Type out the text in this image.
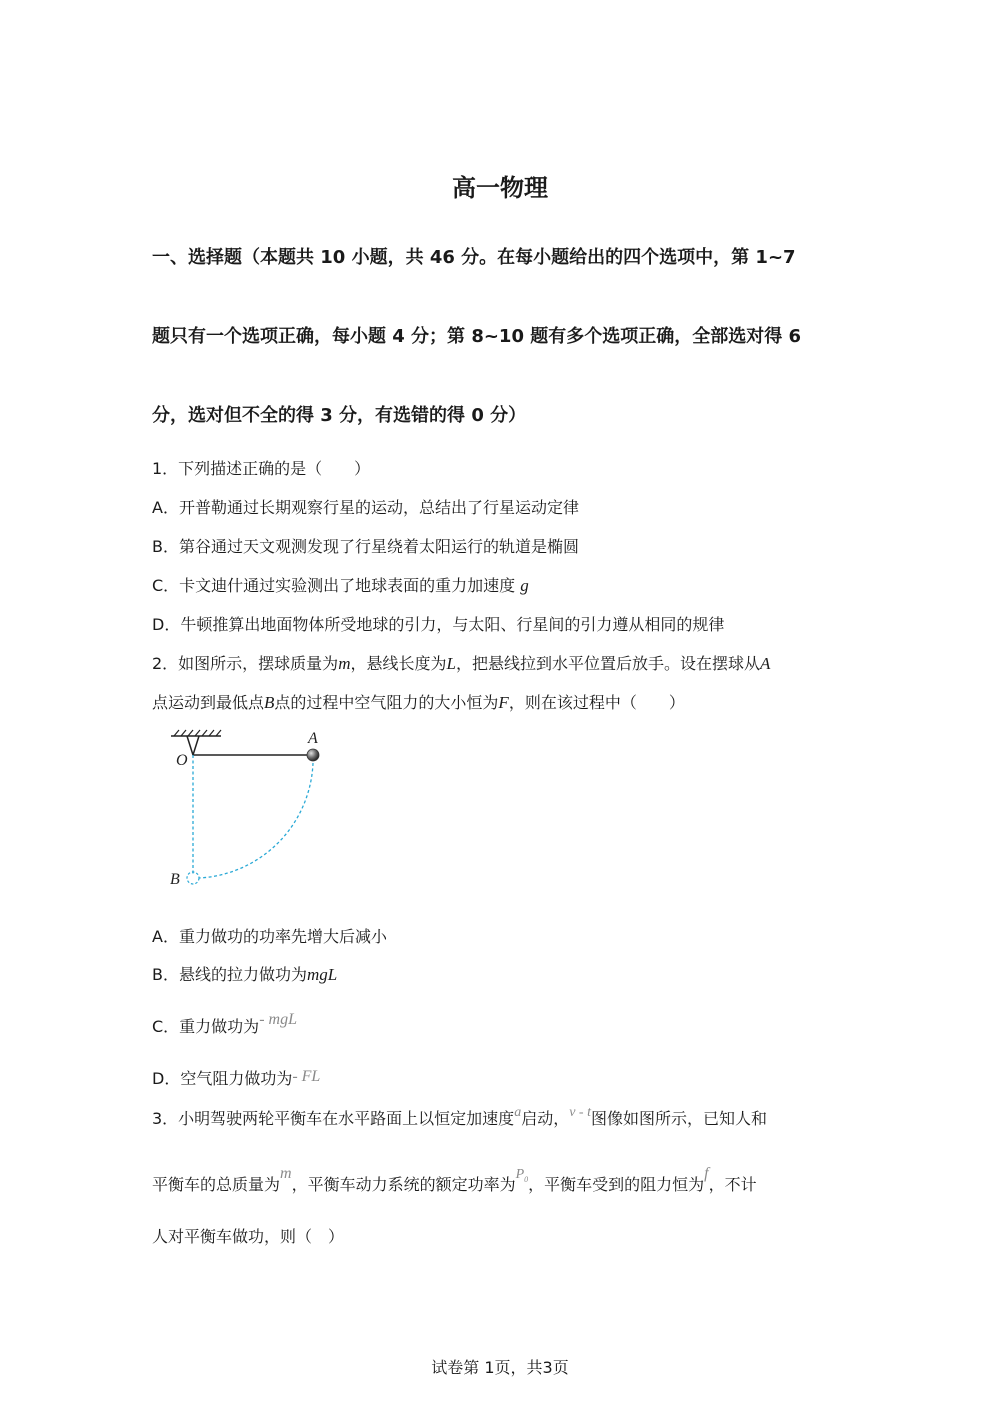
高一物理
一、选择题（本题共 10 小题，共 46 分。在每小题给出的四个选项中，第 1~7
题只有一个选项正确，每小题 4 分；第 8~10 题有多个选项正确，全部选对得 6
分，选对但不全的得 3 分，有选错的得 0 分）
1．下列描述正确的是（　　）
A．开普勒通过长期观察行星的运动，总结出了行星运动定律
B．第谷通过天文观测发现了行星绕着太阳运行的轨道是椭圆
C．卡文迪什通过实验测出了地球表面的重力加速度 g
D．牛顿推算出地面物体所受地球的引力，与太阳、行星间的引力遵从相同的规律
2．如图所示，摆球质量为m，悬线长度为L，把悬线拉到水平位置后放手。设在摆球从A
点运动到最低点B点的过程中空气阻力的大小恒为F，则在该过程中（　　）
O
A
B
A．重力做功的功率先增大后减小
B．悬线的拉力做功为mgL
C．重力做功为- mgL
D．空气阻力做功为- FL
3．小明驾驶两轮平衡车在水平路面上以恒定加速度a启动，v - t图像如图所示，已知人和
平衡车的总质量为m，平衡车动力系统的额定功率为$P_0$，平衡车受到的阻力恒为f，不计
人对平衡车做功，则（　）
试卷第 1页，共3页
